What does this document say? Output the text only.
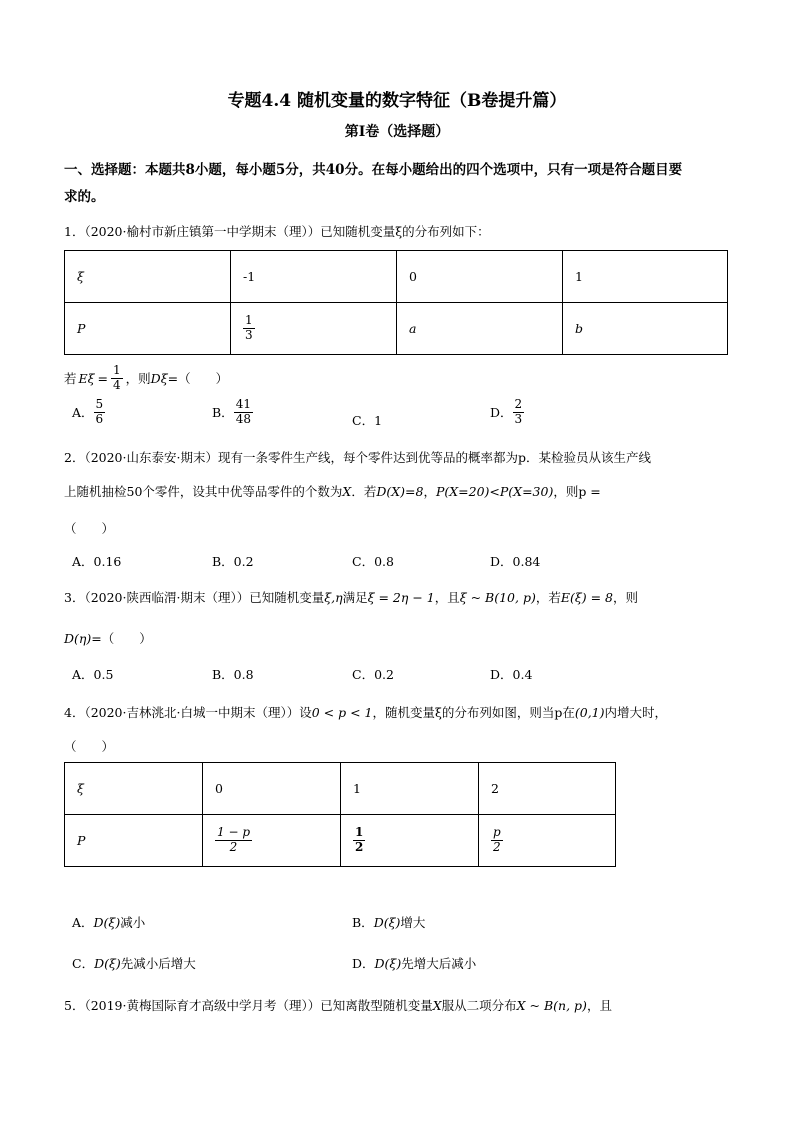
专题4.4 随机变量的数字特征（B卷提升篇）
第I卷（选择题）
一、选择题：本题共8小题，每小题5分，共40分。在每小题给出的四个选项中，只有一项是符合题目要
求的。
1．（2020·榆村市新庄镇第一中学期末（理））已知随机变量ξ的分布列如下：
ξ	-1	0	1
P	$\frac{1}{3}$	a	b
若 $E\xi = \frac{1}{4}$ ，则 Dξ =（　　）
A． $\frac{5}{6}$	B． $\frac{41}{48}$	C．1
D． $\frac{2}{3}$
2．（2020·山东泰安·期末）现有一条零件生产线，每个零件达到优等品的概率都为p．某检验员从该生产线
上随机抽检50个零件，设其中优等品零件的个数为X．若D(X)=8，P(X=20)<P(X=30)，则p =
（　　）
A．0.16	B．0.2	C．0.8	D．0.84
3．（2020·陕西临渭·期末（理））已知随机变量ξ,η满足ξ = 2η − 1，且ξ ~ B(10, p)，若E(ξ) = 8，则
D(η)=（　　）
A．0.5	B．0.8	C．0.2	D．0.4
4．（2020·吉林洮北·白城一中期末（理））设0 < p < 1，随机变量ξ的分布列如图，则当p在(0,1)内增大时，
（　　）
ξ	0	1	2
P	$\frac{1 - p}{2}$	$\frac{1}{2}$	$\frac{p}{2}$
A．D(ξ)减小	B．D(ξ)增大
C．D(ξ)先减小后增大	D．D(ξ)先增大后减小
5．（2019·黄梅国际育才高级中学月考（理））已知离散型随机变量X服从二项分布X ~ B(n, p)，且
